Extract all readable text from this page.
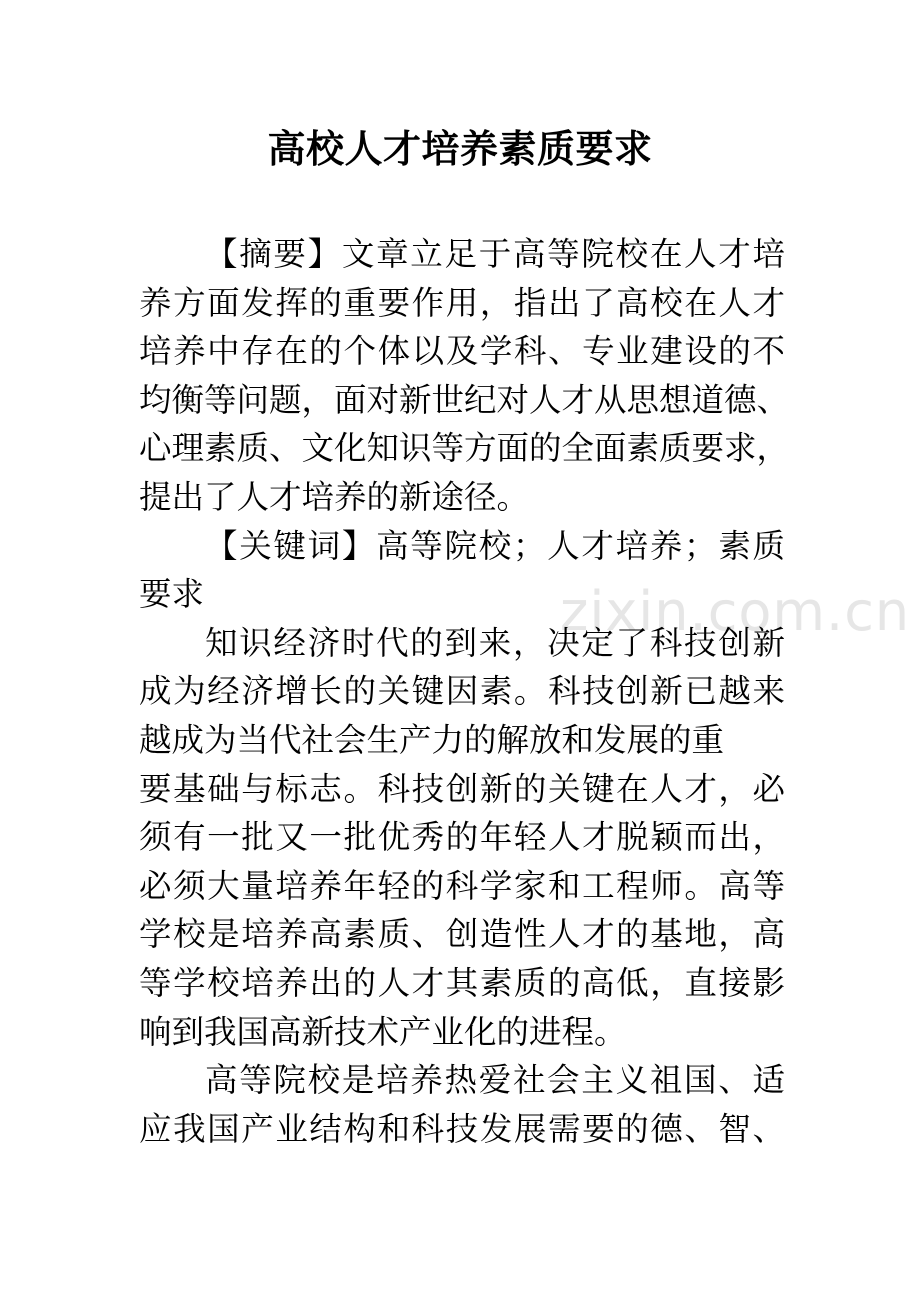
zixin.com.cn
高校人才培养素质要求
【摘要】文章立足于高等院校在人才培
养方面发挥的重要作用，指出了高校在人才
培养中存在的个体以及学科、专业建设的不
均衡等问题，面对新世纪对人才从思想道德、
心理素质、文化知识等方面的全面素质要求，
提出了人才培养的新途径。
【关键词】高等院校；人才培养；素质
要求
知识经济时代的到来，决定了科技创新
成为经济增长的关键因素。科技创新已越来
越成为当代社会生产力的解放和发展的重
要基础与标志。科技创新的关键在人才，必
须有一批又一批优秀的年轻人才脱颖而出，
必须大量培养年轻的科学家和工程师。高等
学校是培养高素质、创造性人才的基地，高
等学校培养出的人才其素质的高低，直接影
响到我国高新技术产业化的进程。
高等院校是培养热爱社会主义祖国、适
应我国产业结构和科技发展需要的德、智、
